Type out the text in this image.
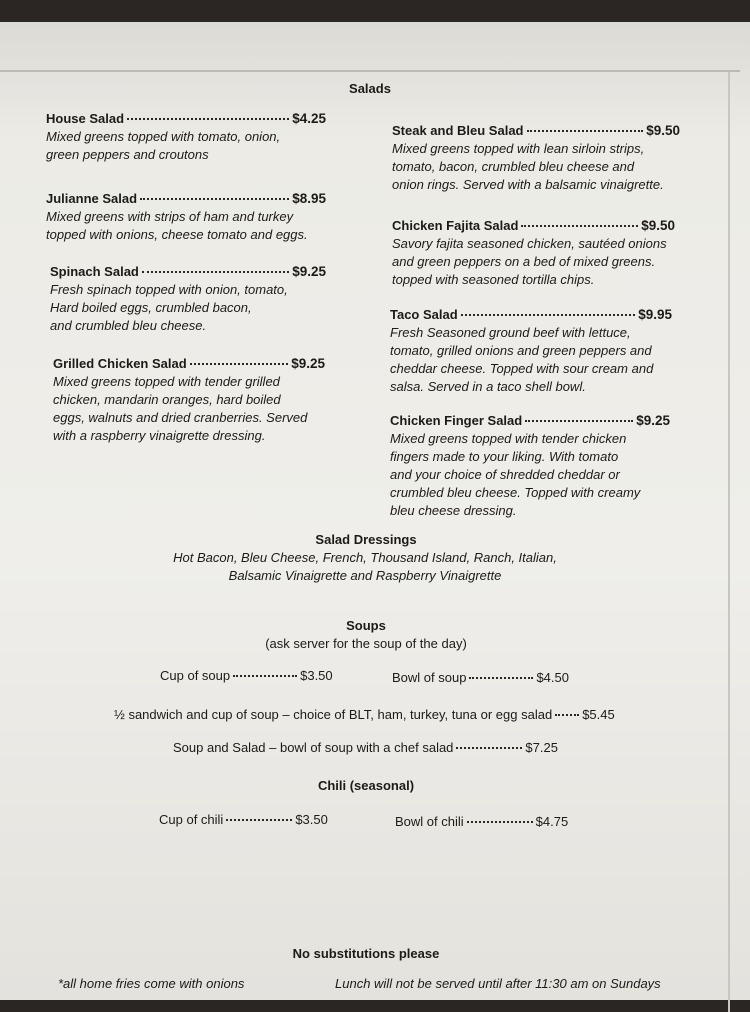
Salads
House Salad	$4.25
Mixed greens topped with tomato, onion,
green peppers and croutons
Julianne Salad	$8.95
Mixed greens with strips of ham and turkey
topped with onions, cheese tomato and eggs.
Spinach Salad	$9.25
Fresh spinach topped with onion, tomato,
Hard boiled eggs, crumbled bacon,
and crumbled bleu cheese.
Grilled Chicken Salad	$9.25
Mixed greens topped with tender grilled
chicken, mandarin oranges, hard boiled
eggs, walnuts and dried cranberries. Served
with a raspberry vinaigrette dressing.
Steak and Bleu Salad	$9.50
Mixed greens topped with lean sirloin strips,
tomato, bacon, crumbled bleu cheese and
onion rings. Served with a balsamic vinaigrette.
Chicken Fajita Salad	$9.50
Savory fajita seasoned chicken, sautéed onions
and green peppers on a bed of mixed greens.
topped with seasoned tortilla chips.
Taco Salad	$9.95
Fresh Seasoned ground beef with lettuce,
tomato, grilled onions and green peppers and
cheddar cheese. Topped with sour cream and
salsa. Served in a taco shell bowl.
Chicken Finger Salad	$9.25
Mixed greens topped with tender chicken
fingers made to your liking. With tomato
and your choice of shredded cheddar or
crumbled bleu cheese. Topped with creamy
bleu cheese dressing.
Salad Dressings
Hot Bacon, Bleu Cheese, French, Thousand Island, Ranch, Italian,
Balsamic Vinaigrette and Raspberry Vinaigrette
Soups
(ask server for the soup of the day)
Cup of soup	$3.50	Bowl of soup	$4.50
½ sandwich and cup of soup – choice of BLT, ham, turkey, tuna or egg salad $5.45
Soup and Salad – bowl of soup with a chef salad	$7.25
Chili (seasonal)
Cup of chili	$3.50	Bowl of chili	$4.75
No substitutions please
*all home fries come with onions	Lunch will not be served until after 11:30 am on Sundays
